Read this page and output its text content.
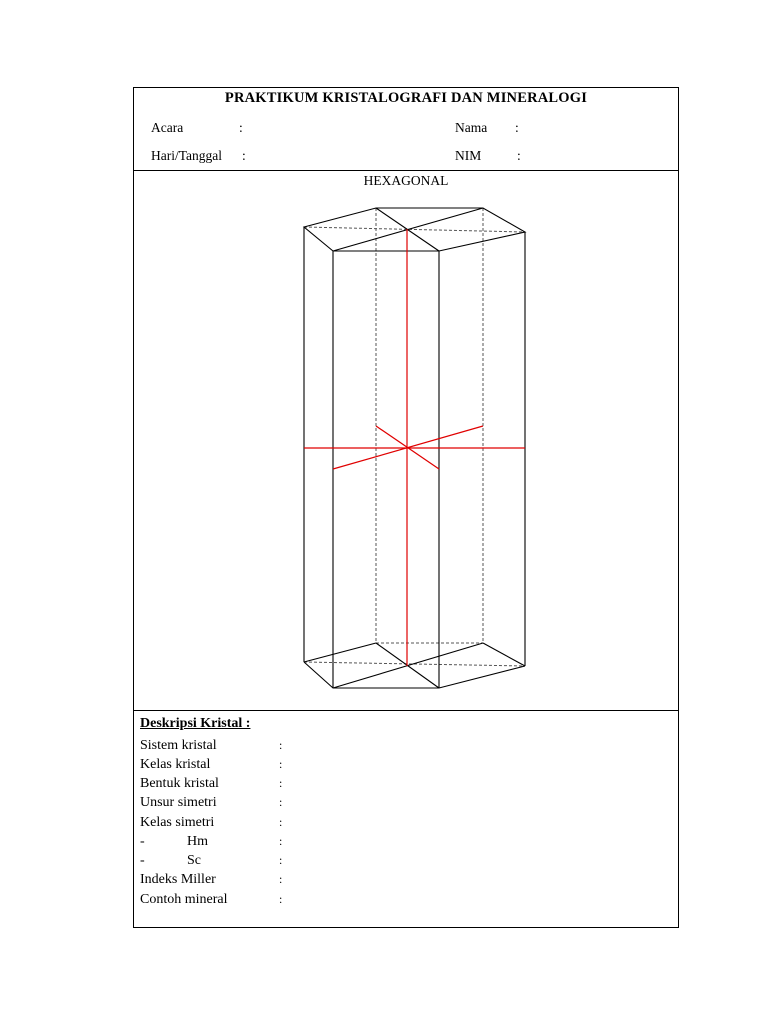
PRAKTIKUM KRISTALOGRAFI DAN MINERALOGI
Acara	:	Nama :
Hari/Tanggal :	NIM	:
HEXAGONAL
Deskripsi Kristal :
Sistem kristal	:
Kelas kristal	:
Bentuk kristal	:
Unsur simetri	:
Kelas simetri	:
-	Hm	:
-	Sc	:
Indeks Miller	:
Contoh mineral	:
